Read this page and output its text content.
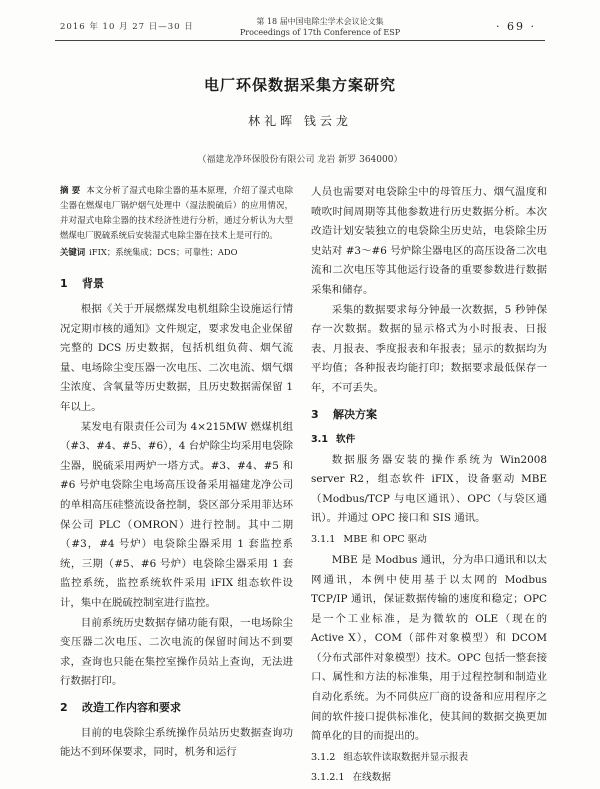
2016 年 10 月 27 日—30 日
第 18 届中国电除尘学术会议论文集
Proceedings of 17th Conference of ESP	· 69 ·
电厂环保数据采集方案研究
林礼晖 钱云龙
（福建龙净环保股份有限公司 龙岩 新罗 364000）
摘 要 本文分析了湿式电除尘器的基本原理，介绍了湿式电除尘器在燃煤电厂锅炉烟气处理中（湿法脱硫后）的应用情况，并对湿式电除尘器的技术经济性进行分析，通过分析认为大型燃煤电厂脱硫系统后安装湿式电除尘器在技术上是可行的。
关键词 iFIX；系统集成；DCS；可靠性；ADO
1 背景

根据《关于开展燃煤发电机组除尘设施运行情况定期市核的通知》文件规定，要求发电企业保留完整的 DCS 历史数据，包括机组负荷、烟气流量、电场除尘变压器一次电压、二次电流、烟气烟尘浓度、含氧量等历史数据，且历史数据需保留 1 年以上。

某发电有限责任公司为 4×215MW 燃煤机组（#3、#4、#5、#6），4 台炉除尘均采用电袋除尘器，脱硫采用两炉一塔方式。#3、#4、#5 和 #6 号炉电袋除尘电场高压设备采用福建龙净公司的单相高压硅整流设备控制，袋区部分采用菲达环保公司 PLC（OMRON）进行控制。其中二期（#3，#4 号炉）电袋除尘器采用 1 套监控系统，三期（#5、#6 号炉）电袋除尘器采用 1 套监控系统，监控系统软件采用 iFIX 组态软件设计，集中在脱硫控制室进行监控。

目前系统历史数据存储功能有限，一电场除尘变压器二次电压、二次电流的保留时间达不到要求，查询也只能在集控室操作员站上查询，无法进行数据打印。

2 改造工作内容和要求

目前的电袋除尘系统操作员站历史数据查询功能达不到环保要求，同时，机务和运行

人员也需要对电袋除尘中的母管压力、烟气温度和喷吹时间周期等其他参数进行历史数据分析。本次改造计划安装独立的电袋除尘历史站，电袋除尘历史站对 #3～#6 号炉除尘器电区的高压设备二次电流和二次电压等其他运行设备的重要参数进行数据采集和储存。

采集的数据要求每分钟最一次数据，5 秒钟保存一次数据。数据的显示格式为小时报表、日报表、月报表、季度报表和年报表；显示的数据均为平均值；各种报表均能打印；数据要求最低保存一年，不可丢失。

3 解决方案
3.1 软件

数据服务器安装的操作系统为 Win2008 server R2，组态软件 iFIX，设备驱动 MBE（Modbus/TCP 与电区通讯）、OPC（与袋区通讯）。并通过 OPC 接口和 SIS 通讯。

3.1.1 MBE 和 OPC 驱动

MBE 是 Modbus 通讯，分为串口通讯和以太网通讯，本例中使用基于以太网的 Modbus TCP/IP 通讯，保证数据传输的速度和稳定；OPC 是一个工业标准，是为微软的 OLE（现在的 Active X），COM（部件对象模型）和 DCOM（分布式部件对象模型）技术。OPC 包括一整套接口、属性和方法的标准集，用于过程控制和制造业自动化系统。为不同供应厂商的设备和应用程序之间的软件接口提供标准化，使其间的数据交换更加简单化的目的而提出的。

3.1.2 组态软件读取数据并显示报表
3.1.2.1 在线数据
